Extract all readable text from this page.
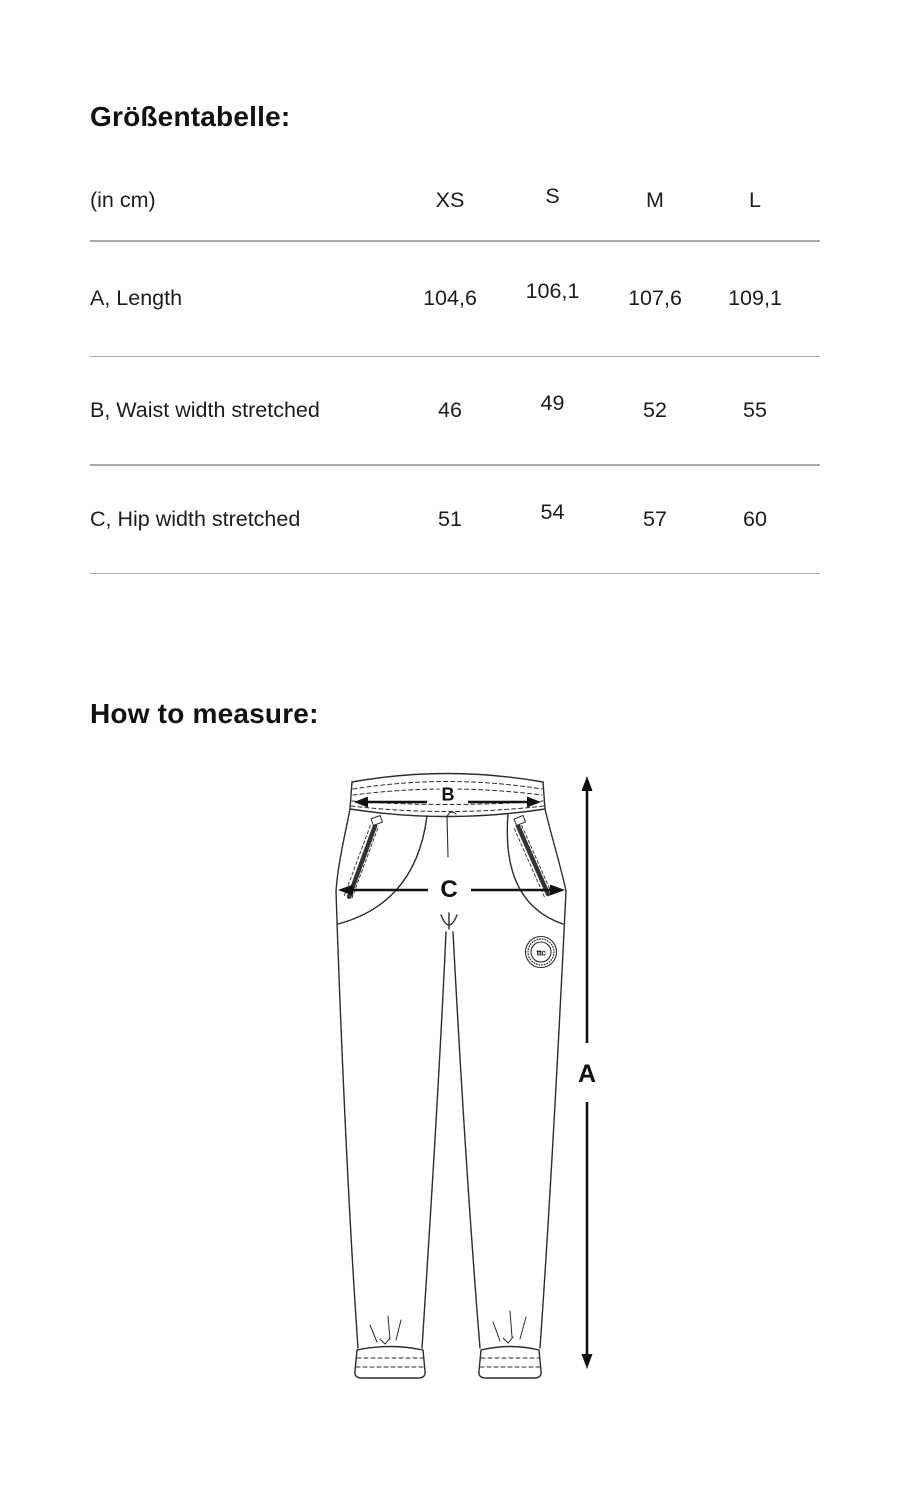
Größentabelle:
(in cm)	XS	S	M	L
A, Length	104,6	106,1	107,6	109,1
B, Waist width stretched	46	49	52	55
C, Hip width stretched	51	54	57	60
How to measure:
ttc
B
C
A
